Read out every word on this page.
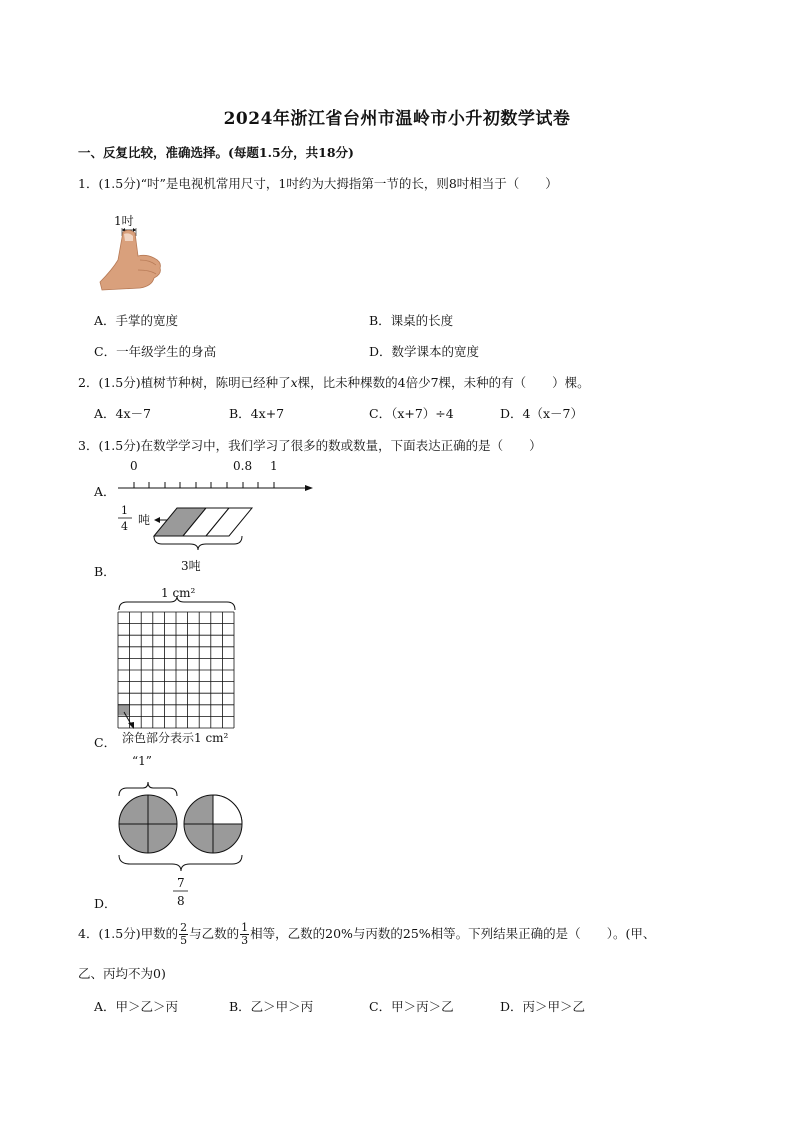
2024年浙江省台州市温岭市小升初数学试卷
一、反复比较，准确选择。(每题1.5分，共18分)
1．(1.5分)“吋”是电视机常用尺寸，1吋约为大拇指第一节的长，则8吋相当于（ ）
1吋
A．手掌的宽度	B．课桌的长度
C．一年级学生的身高	D．数学课本的宽度
2．(1.5分)植树节种树，陈明已经种了x棵，比未种棵数的4倍少7棵，未种的有（ ）棵。
A．4x－7	B．4x+7	C．（x+7）÷4	D．4（x－7）
3．(1.5分)在数学学习中，我们学习了很多的数或数量，下面表达正确的是（ ）
A．
0	0.8 1
B．
1
4 吨
3吨
C．
1 cm²
涂色部分表示1 cm²
D．
“1”
7
8
4．(1.5分)甲数的 $\frac{2}{5}$ 与乙数的 $\frac{1}{3}$ 相等，乙数的20%与丙数的25%相等。下列结果正确的是（ ）。(甲、
乙、丙均不为0)
A．甲＞乙＞丙	B．乙＞甲＞丙	C．甲＞丙＞乙	D．丙＞甲＞乙
